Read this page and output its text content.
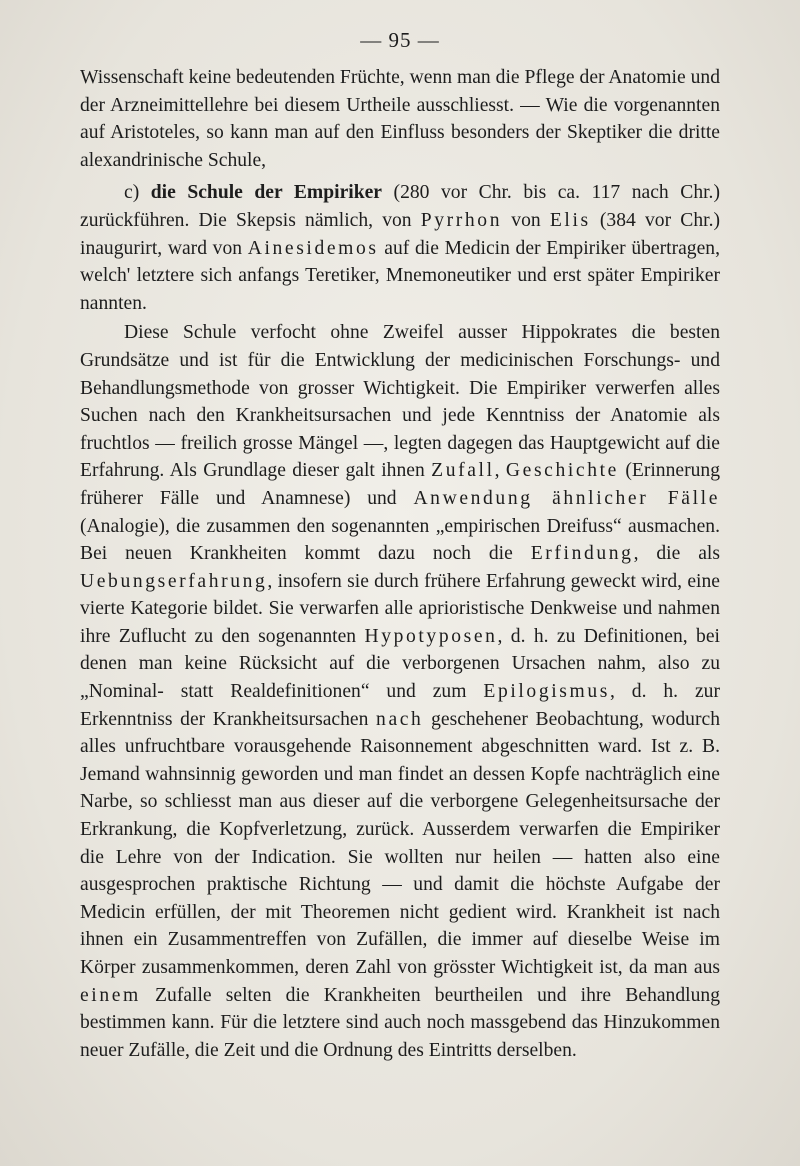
— 95 —

Wissenschaft keine bedeutenden Früchte, wenn man die Pflege der Anatomie und der Arzneimittellehre bei diesem Urtheile ausschliesst. — Wie die vorgenannten auf Aristoteles, so kann man auf den Einfluss besonders der Skeptiker die dritte alexandrinische Schule,

c) die Schule der Empiriker (280 vor Chr. bis ca. 117 nach Chr.) zurückführen. Die Skepsis nämlich, von Pyrrhon von Elis (384 vor Chr.) inaugurirt, ward von Ainesidemos auf die Medicin der Empiriker übertragen, welch' letztere sich anfangs Teretiker, Mnemoneutiker und erst später Empiriker nannten.

Diese Schule verfocht ohne Zweifel ausser Hippokrates die besten Grundsätze und ist für die Entwicklung der medicinischen Forschungs- und Behandlungsmethode von grosser Wichtigkeit. Die Empiriker verwerfen alles Suchen nach den Krankheitsursachen und jede Kenntniss der Anatomie als fruchtlos — freilich grosse Mängel —, legten dagegen das Hauptgewicht auf die Erfahrung. Als Grundlage dieser galt ihnen Zufall, Geschichte (Erinnerung früherer Fälle und Anamnese) und Anwendung ähnlicher Fälle (Analogie), die zusammen den sogenannten „empirischen Dreifuss“ ausmachen. Bei neuen Krankheiten kommt dazu noch die Erfindung, die als Uebungserfahrung, insofern sie durch frühere Erfahrung geweckt wird, eine vierte Kategorie bildet. Sie verwarfen alle aprioristische Denkweise und nahmen ihre Zuflucht zu den sogenannten Hypotyposen, d. h. zu Definitionen, bei denen man keine Rücksicht auf die verborgenen Ursachen nahm, also zu „Nominal- statt Realdefinitionen“ und zum Epilogismus, d. h. zur Erkenntniss der Krankheitsursachen nach geschehener Beobachtung, wodurch alles unfruchtbare vorausgehende Raisonnement abgeschnitten ward. Ist z. B. Jemand wahnsinnig geworden und man findet an dessen Kopfe nachträglich eine Narbe, so schliesst man aus dieser auf die verborgene Gelegenheitsursache der Erkrankung, die Kopfverletzung, zurück. Ausserdem verwarfen die Empiriker die Lehre von der Indication. Sie wollten nur heilen — hatten also eine ausgesprochen praktische Richtung — und damit die höchste Aufgabe der Medicin erfüllen, der mit Theoremen nicht gedient wird. Krankheit ist nach ihnen ein Zusammentreffen von Zufällen, die immer auf dieselbe Weise im Körper zusammenkommen, deren Zahl von grösster Wichtigkeit ist, da man aus einem Zufalle selten die Krankheiten beurtheilen und ihre Behandlung bestimmen kann. Für die letztere sind auch noch massgebend das Hinzukommen neuer Zufälle, die Zeit und die Ordnung des Eintritts derselben.
